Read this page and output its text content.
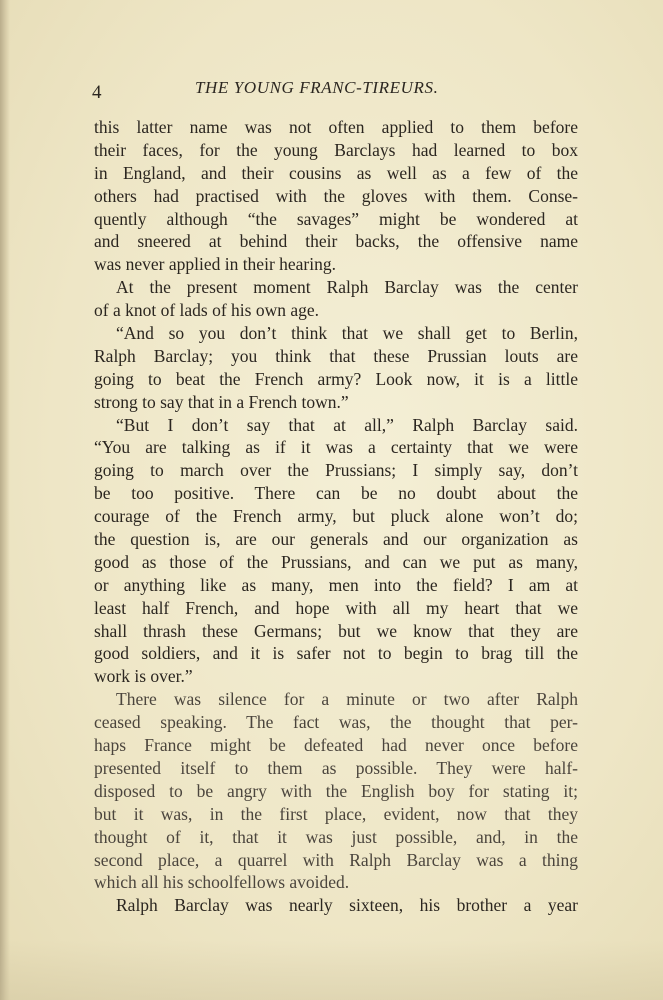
4	THE YOUNG FRANC-TIREURS.
this latter name was not often applied to them before
their faces, for the young Barclays had learned to box
in England, and their cousins as well as a few of the
others had practised with the gloves with them. Conse-
quently although “the savages” might be wondered at
and sneered at behind their backs, the offensive name
was never applied in their hearing.
At the present moment Ralph Barclay was the center
of a knot of lads of his own age.
“And so you don’t think that we shall get to Berlin,
Ralph Barclay; you think that these Prussian louts are
going to beat the French army? Look now, it is a little
strong to say that in a French town.”
“But I don’t say that at all,” Ralph Barclay said.
“You are talking as if it was a certainty that we were
going to march over the Prussians; I simply say, don’t
be too positive. There can be no doubt about the
courage of the French army, but pluck alone won’t do;
the question is, are our generals and our organization as
good as those of the Prussians, and can we put as many,
or anything like as many, men into the field? I am at
least half French, and hope with all my heart that we
shall thrash these Germans; but we know that they are
good soldiers, and it is safer not to begin to brag till the
work is over.”
There was silence for a minute or two after Ralph
ceased speaking. The fact was, the thought that per-
haps France might be defeated had never once before
presented itself to them as possible. They were half-
disposed to be angry with the English boy for stating it;
but it was, in the first place, evident, now that they
thought of it, that it was just possible, and, in the
second place, a quarrel with Ralph Barclay was a thing
which all his schoolfellows avoided.
Ralph Barclay was nearly sixteen, his brother a year
